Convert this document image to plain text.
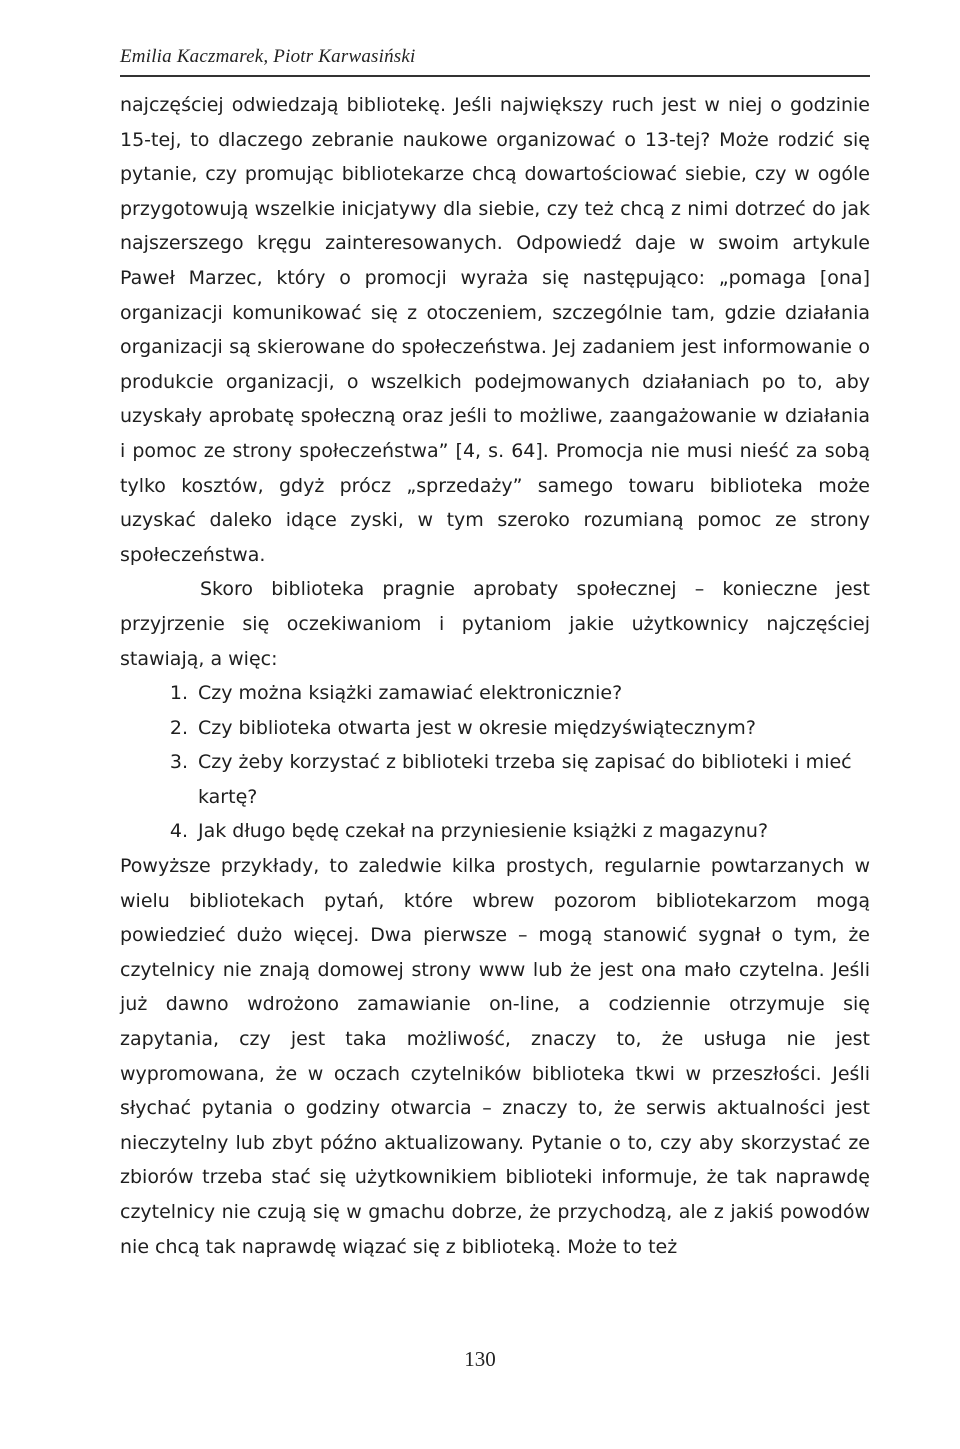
Emilia Kaczmarek, Piotr Karwasiński

najczęściej odwiedzają bibliotekę. Jeśli największy ruch jest w niej o godzinie 15-tej, to dlaczego zebranie naukowe organizować o 13-tej? Może rodzić się pytanie, czy promując bibliotekarze chcą dowartościować siebie, czy w ogóle przygotowują wszelkie inicjatywy dla siebie, czy też chcą z nimi dotrzeć do jak najszerszego kręgu zainteresowanych. Odpowiedź daje w swoim artykule Paweł Marzec, który o promocji wyraża się następująco: „pomaga [ona] organizacji komunikować się z otoczeniem, szczególnie tam, gdzie działania organizacji są skierowane do społeczeństwa. Jej zadaniem jest informowanie o produkcie organizacji, o wszelkich podejmowanych działaniach po to, aby uzyskały aprobatę społeczną oraz jeśli to możliwe, zaangażowanie w działania i pomoc ze strony społeczeństwa” [4, s. 64]. Promocja nie musi nieść za sobą tylko kosztów, gdyż prócz „sprzedaży” samego towaru biblioteka może uzyskać daleko idące zyski, w tym szeroko rozumianą pomoc ze strony społeczeństwa.

Skoro biblioteka pragnie aprobaty społecznej – konieczne jest przyjrzenie się oczekiwaniom i pytaniom jakie użytkownicy najczęściej stawiają, a więc:

1. Czy można książki zamawiać elektronicznie?
2. Czy biblioteka otwarta jest w okresie międzyświątecznym?
3. Czy żeby korzystać z biblioteki trzeba się zapisać do biblioteki i mieć kartę?
4. Jak długo będę czekał na przyniesienie książki z magazynu?

Powyższe przykłady, to zaledwie kilka prostych, regularnie powtarzanych w wielu bibliotekach pytań, które wbrew pozorom bibliotekarzom mogą powiedzieć dużo więcej. Dwa pierwsze – mogą stanowić sygnał o tym, że czytelnicy nie znają domowej strony www lub że jest ona mało czytelna. Jeśli już dawno wdrożono zamawianie on-line, a codziennie otrzymuje się zapytania, czy jest taka możliwość, znaczy to, że usługa nie jest wypromowana, że w oczach czytelników biblioteka tkwi w przeszłości. Jeśli słychać pytania o godziny otwarcia – znaczy to, że serwis aktualności jest nieczytelny lub zbyt późno aktualizowany. Pytanie o to, czy aby skorzystać ze zbiorów trzeba stać się użytkownikiem biblioteki informuje, że tak naprawdę czytelnicy nie czują się w gmachu dobrze, że przychodzą, ale z jakiś powodów nie chcą tak naprawdę wiązać się z biblioteką. Może to też

130
